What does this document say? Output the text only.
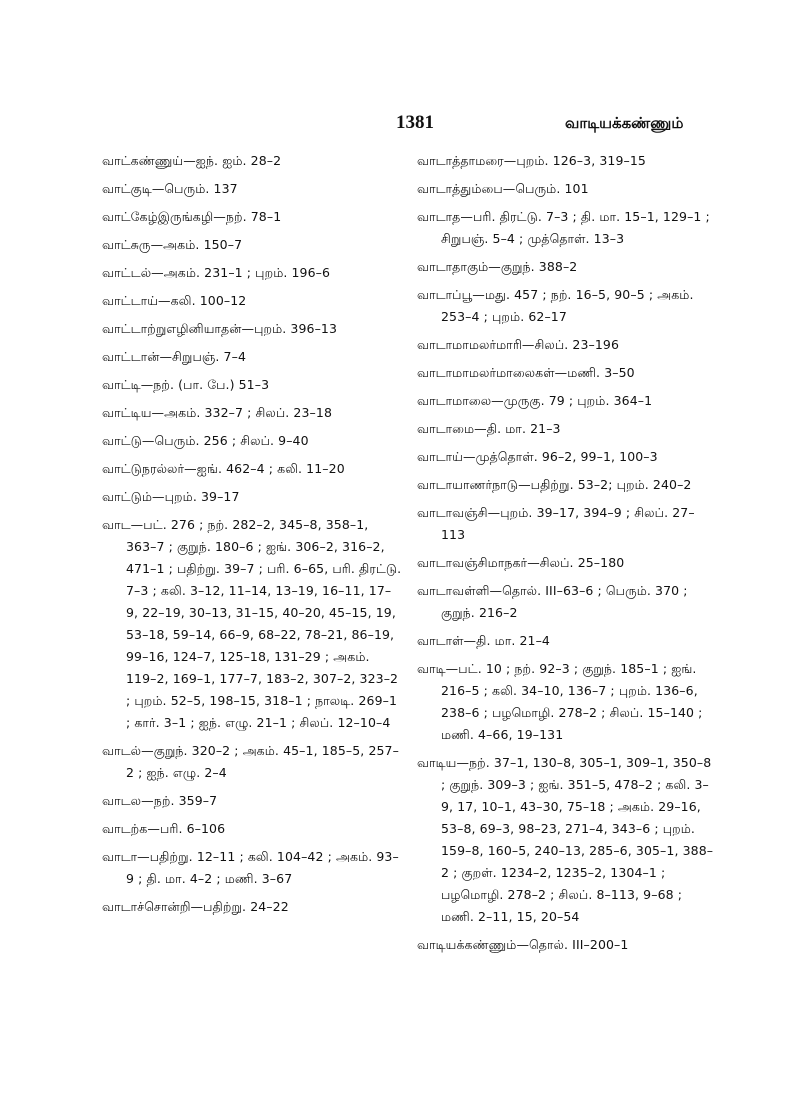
1381	வாடியக்கண்ணும்
வாட்கண்ணுய்—ஐந். ஐம். 28–2
வாட்குடி—பெரும். 137
வாட்கேழ்இருங்கழி—நற். 78–1
வாட்சுரு—அகம். 150–7
வாட்டல்—அகம். 231–1 ; புறம். 196–6
வாட்டாய்—கலி. 100–12
வாட்டாற்றுஎழினியாதன்—புறம். 396–13
வாட்டான்—சிறுபஞ். 7–4
வாட்டி—நற். (பா. பே.) 51–3
வாட்டிய—அகம். 332–7 ; சிலப். 23–18
வாட்டு—பெரும். 256 ; சிலப். 9–40
வாட்டுநரல்லர்—ஐங். 462–4 ; கலி. 11–20
வாட்டும்—புறம். 39–17
வாட—பட். 276 ; நற். 282–2, 345–8, 358–1, 363–7 ; குறுந். 180–6 ; ஐங். 306–2, 316–2, 471–1 ; பதிற்று. 39–7 ; பரி. 6–65, பரி. திரட்டு. 7–3 ; கலி. 3–12, 11–14, 13–19, 16–11, 17–9, 22–19, 30–13, 31–15, 40–20, 45–15, 19, 53–18, 59–14, 66–9, 68–22, 78–21, 86–19, 99–16, 124–7, 125–18, 131–29 ; அகம். 119–2, 169–1, 177–7, 183–2, 307–2, 323–2 ; புறம். 52–5, 198–15, 318–1 ; நாலடி. 269–1 ; கார். 3–1 ; ஐந். எழு. 21–1 ; சிலப். 12–10–4
வாடல்—குறுந். 320–2 ; அகம். 45–1, 185–5, 257–2 ; ஐந். எழு. 2–4
வாடல—நற். 359–7
வாடற்க—பரி. 6–106
வாடா—பதிற்று. 12–11 ; கலி. 104–42 ; அகம். 93–9 ; தி. மா. 4–2 ; மணி. 3–67
வாடாச்சொன்றி—பதிற்று. 24–22
வாடாத்தாமரை—புறம். 126–3, 319–15
வாடாத்தும்பை—பெரும். 101
வாடாத—பரி. திரட்டு. 7–3 ; தி. மா. 15–1, 129–1 ; சிறுபஞ். 5–4 ; முத்தொள். 13–3
வாடாதாகும்—குறுந். 388–2
வாடாப்பூ—மது. 457 ; நற். 16–5, 90–5 ; அகம். 253–4 ; புறம். 62–17
வாடாமாமலர்மாரி—சிலப். 23–196
வாடாமாமலர்மாலைகள்—மணி. 3–50
வாடாமாலை—முருகு. 79 ; புறம். 364–1
வாடாமை—தி. மா. 21–3
வாடாய்—முத்தொள். 96–2, 99–1, 100–3
வாடாயாணர்நாடு—பதிற்று. 53–2; புறம். 240–2
வாடாவஞ்சி—புறம். 39–17, 394–9 ; சிலப். 27–113
வாடாவஞ்சிமாநகர்—சிலப். 25–180
வாடாவள்ளி—தொல். III–63–6 ; பெரும். 370 ; குறுந். 216–2
வாடாள்—தி. மா. 21–4
வாடி—பட். 10 ; நற். 92–3 ; குறுந். 185–1 ; ஐங். 216–5 ; கலி. 34–10, 136–7 ; புறம். 136–6, 238–6 ; பழமொழி. 278–2 ; சிலப். 15–140 ; மணி. 4–66, 19–131
வாடிய—நற். 37–1, 130–8, 305–1, 309–1, 350–8 ; குறுந். 309–3 ; ஐங். 351–5, 478–2 ; கலி. 3–9, 17, 10–1, 43–30, 75–18 ; அகம். 29–16, 53–8, 69–3, 98–23, 271–4, 343–6 ; புறம். 159–8, 160–5, 240–13, 285–6, 305–1, 388–2 ; குறள். 1234–2, 1235–2, 1304–1 ; பழமொழி. 278–2 ; சிலப். 8–113, 9–68 ; மணி. 2–11, 15, 20–54
வாடியக்கண்ணும்—தொல். III–200–1
